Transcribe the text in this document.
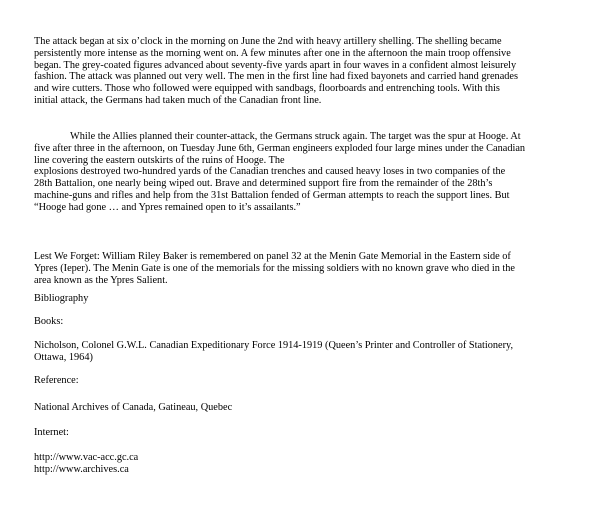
The attack began at six o’clock in the morning on June the 2nd with heavy artillery shelling. The shelling became
persistently more intense as the morning went on. A few minutes after one in the afternoon the main troop offensive
began. The grey-coated figures advanced about seventy-five yards apart in four waves in a confident almost leisurely
fashion. The attack was planned out very well. The men in the first line had fixed bayonets and carried hand grenades
and wire cutters. Those who followed were equipped with sandbags, floorboards and entrenching tools. With this
initial attack, the Germans had taken much of the Canadian front line.
While the Allies planned their counter-attack, the Germans struck again. The target was the spur at Hooge. At
five after three in the afternoon, on Tuesday June 6th, German engineers exploded four large mines under the Canadian
line covering the eastern outskirts of the ruins of Hooge. The
explosions destroyed two-hundred yards of the Canadian trenches and caused heavy loses in two companies of the
28th Battalion, one nearly being wiped out. Brave and determined support fire from the remainder of the 28th’s
machine-guns and rifles and help from the 31st Battalion fended of German attempts to reach the support lines. But
“Hooge had gone … and Ypres remained open to it’s assailants.”
Lest We Forget: William Riley Baker is remembered on panel 32 at the Menin Gate Memorial in the Eastern side of
Ypres (Ieper). The Menin Gate is one of the memorials for the missing soldiers with no known grave who died in the
area known as the Ypres Salient.
Bibliography
Books:
Nicholson, Colonel G.W.L. Canadian Expeditionary Force 1914-1919 (Queen’s Printer and Controller of Stationery,
Ottawa, 1964)
Reference:
National Archives of Canada, Gatineau, Quebec
Internet:
http://www.vac-acc.gc.ca
http://www.archives.ca
